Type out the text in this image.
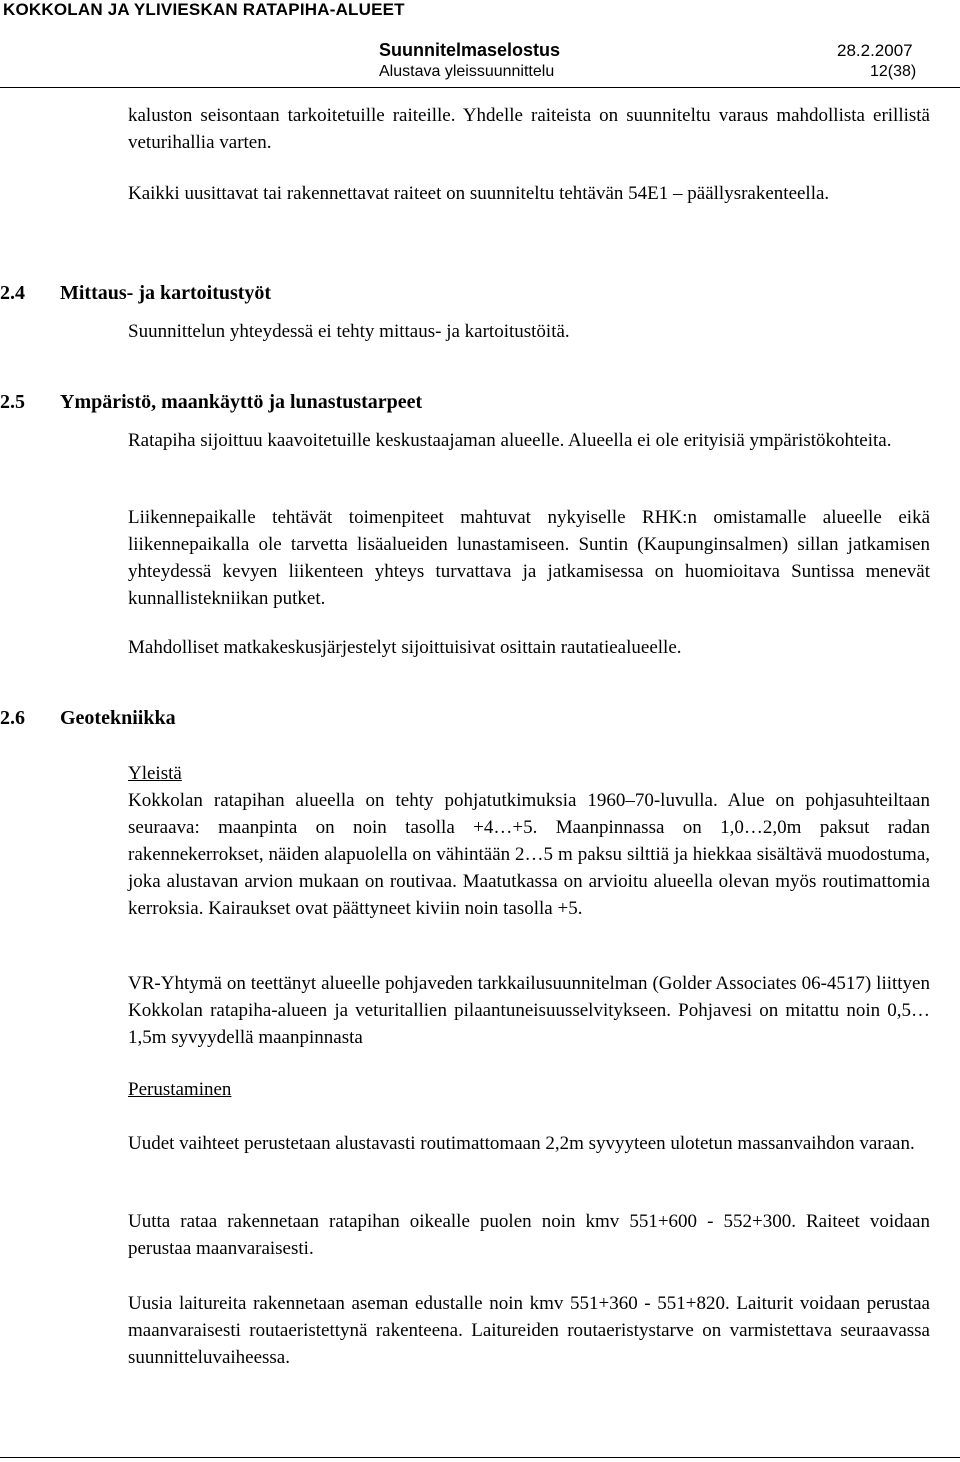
KOKKOLAN JA YLIVIESKAN RATAPIHA-ALUEET
Suunnitelmaselostus	28.2.2007
Alustava yleissuunnittelu	12(38)

kaluston seisontaan tarkoitetuille raiteille. Yhdelle raiteista on suunniteltu varaus mahdollista erillistä veturihallia varten.

Kaikki uusittavat tai rakennettavat raiteet on suunniteltu tehtävän 54E1 – päällysrakenteella.

2.4 Mittaus- ja kartoitustyöt

Suunnittelun yhteydessä ei tehty mittaus- ja kartoitustöitä.

2.5 Ympäristö, maankäyttö ja lunastustarpeet

Ratapiha sijoittuu kaavoitetuille keskustaajaman alueelle. Alueella ei ole erityisiä ympäristökohteita.

Liikennepaikalle tehtävät toimenpiteet mahtuvat nykyiselle RHK:n omistamalle alueelle eikä liikennepaikalla ole tarvetta lisäalueiden lunastamiseen. Suntin (Kaupunginsalmen) sillan jatkamisen yhteydessä kevyen liikenteen yhteys turvattava ja jatkamisessa on huomioitava Suntissa menevät kunnallistekniikan putket.

Mahdolliset matkakeskusjärjestelyt sijoittuisivat osittain rautatiealueelle.

2.6 Geotekniikka
Yleistä

Kokkolan ratapihan alueella on tehty pohjatutkimuksia 1960–70-luvulla. Alue on pohjasuhteiltaan seuraava: maanpinta on noin tasolla +4…+5. Maanpinnassa on 1,0…2,0m paksut radan rakennekerrokset, näiden alapuolella on vähintään 2…5 m paksu silttiä ja hiekkaa sisältävä muodostuma, joka alustavan arvion mukaan on routivaa. Maatutkassa on arvioitu alueella olevan myös routimattomia kerroksia. Kairaukset ovat päättyneet kiviin noin tasolla +5.

VR-Yhtymä on teettänyt alueelle pohjaveden tarkkailusuunnitelman (Golder Associates 06-4517) liittyen Kokkolan ratapiha-alueen ja veturitallien pilaantuneisuusselvitykseen. Pohjavesi on mitattu noin 0,5…1,5m syvyydellä maanpinnasta

Perustaminen

Uudet vaihteet perustetaan alustavasti routimattomaan 2,2m syvyyteen ulotetun massanvaihdon varaan.

Uutta rataa rakennetaan ratapihan oikealle puolen noin kmv 551+600 - 552+300. Raiteet voidaan perustaa maanvaraisesti.

Uusia laitureita rakennetaan aseman edustalle noin kmv 551+360 - 551+820. Laiturit voidaan perustaa maanvaraisesti routaeristettynä rakenteena. Laitureiden routaeristystarve on varmistettava seuraavassa suunnitteluvaiheessa.
